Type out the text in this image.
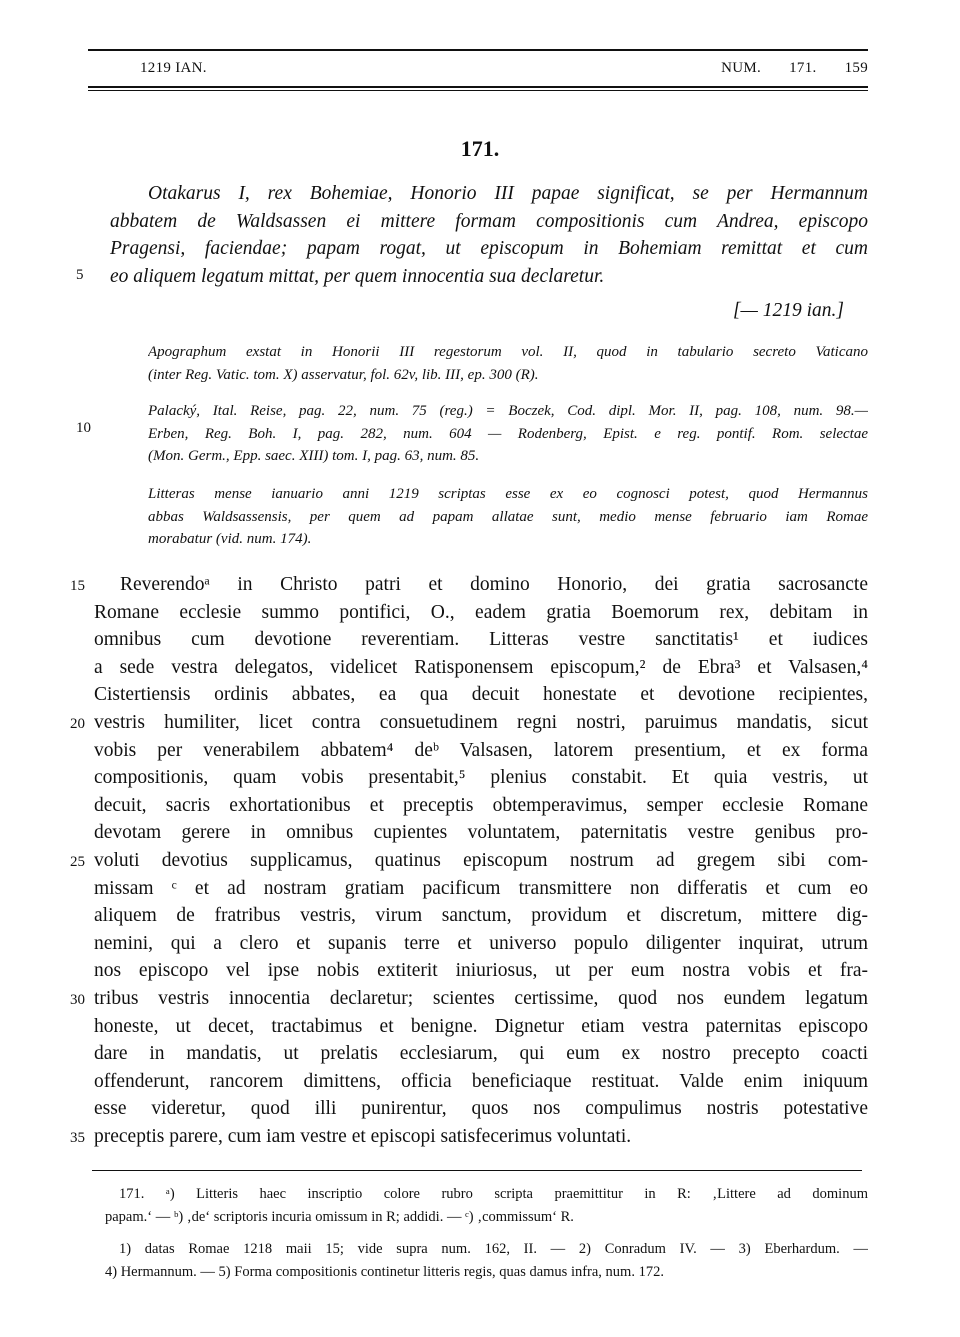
1219 IAN.	NUM. 171. 159
171.
Otakarus I, rex Bohemiae, Honorio III papae significat, se per Hermannum
abbatem de Waldsassen ei mittere formam compositionis cum Andrea, episcopo
Pragensi, faciendae; papam rogat, ut episcopum in Bohemiam remittat et cum
eo aliquem legatum mittat, per quem innocentia sua declaretur.
5
[— 1219 ian.]
Apographum exstat in Honorii III regestorum vol. II, quod in tabulario secreto Vaticano
(inter Reg. Vatic. tom. X) asservatur, fol. 62v, lib. III, ep. 300 (R).
Palacký, Ital. Reise, pag. 22, num. 75 (reg.) = Boczek, Cod. dipl. Mor. II, pag. 108, num. 98.—
Erben, Reg. Boh. I, pag. 282, num. 604 — Rodenberg, Epist. e reg. pontif. Rom. selectae
(Mon. Germ., Epp. saec. XIII) tom. I, pag. 63, num. 85.
10
Litteras mense ianuario anni 1219 scriptas esse ex eo cognosci potest, quod Hermannus
abbas Waldsassensis, per quem ad papam allatae sunt, medio mense februario iam Romae
morabatur (vid. num. 174).
Reverendoᵃ in Christo patri et domino Honorio, dei gratia sacrosancte
Romane ecclesie summo pontifici, O., eadem gratia Boemorum rex, debitam in
omnibus cum devotione reverentiam. Litteras vestre sanctitatis¹ et iudices
a sede vestra delegatos, videlicet Ratisponensem episcopum,² de Ebra³ et Valsasen,⁴
Cistertiensis ordinis abbates, ea qua decuit honestate et devotione recipientes,
vestris humiliter, licet contra consuetudinem regni nostri, paruimus mandatis, sicut
vobis per venerabilem abbatem⁴ deᵇ Valsasen, latorem presentium, et ex forma
compositionis, quam vobis presentabit,⁵ plenius constabit. Et quia vestris, ut
decuit, sacris exhortationibus et preceptis obtemperavimus, semper ecclesie Romane
devotam gerere in omnibus cupientes voluntatem, paternitatis vestre genibus pro-
voluti devotius supplicamus, quatinus episcopum nostrum ad gregem sibi com-
missam ᶜ et ad nostram gratiam pacificum transmittere non differatis et cum eo
aliquem de fratribus vestris, virum sanctum, providum et discretum, mittere dig-
nemini, qui a clero et supanis terre et universo populo diligenter inquirat, utrum
nos episcopo vel ipse nobis extiterit iniuriosus, ut per eum nostra vobis et fra-
tribus vestris innocentia declaretur; scientes certissime, quod nos eundem legatum
honeste, ut decet, tractabimus et benigne. Dignetur etiam vestra paternitas episcopo
dare in mandatis, ut prelatis ecclesiarum, qui eum ex nostro precepto coacti
offenderunt, rancorem dimittens, officia beneficiaque restituat. Valde enim iniquum
esse videretur, quod illi punirentur, quos nos compulimus nostris potestative
preceptis parere, cum iam vestre et episcopi satisfecerimus voluntati.
15
20
25
30
35
171. ᵃ) Litteris haec inscriptio colore rubro scripta praemittitur in R: ‚Littere ad dominum
papam.‘ — ᵇ) ‚de‘ scriptoris incuria omissum in R; addidi. — ᶜ) ‚commissum‘ R.
1) datas Romae 1218 maii 15; vide supra num. 162, II. — 2) Conradum IV. — 3) Eberhardum. —
4) Hermannum. — 5) Forma compositionis continetur litteris regis, quas damus infra, num. 172.
